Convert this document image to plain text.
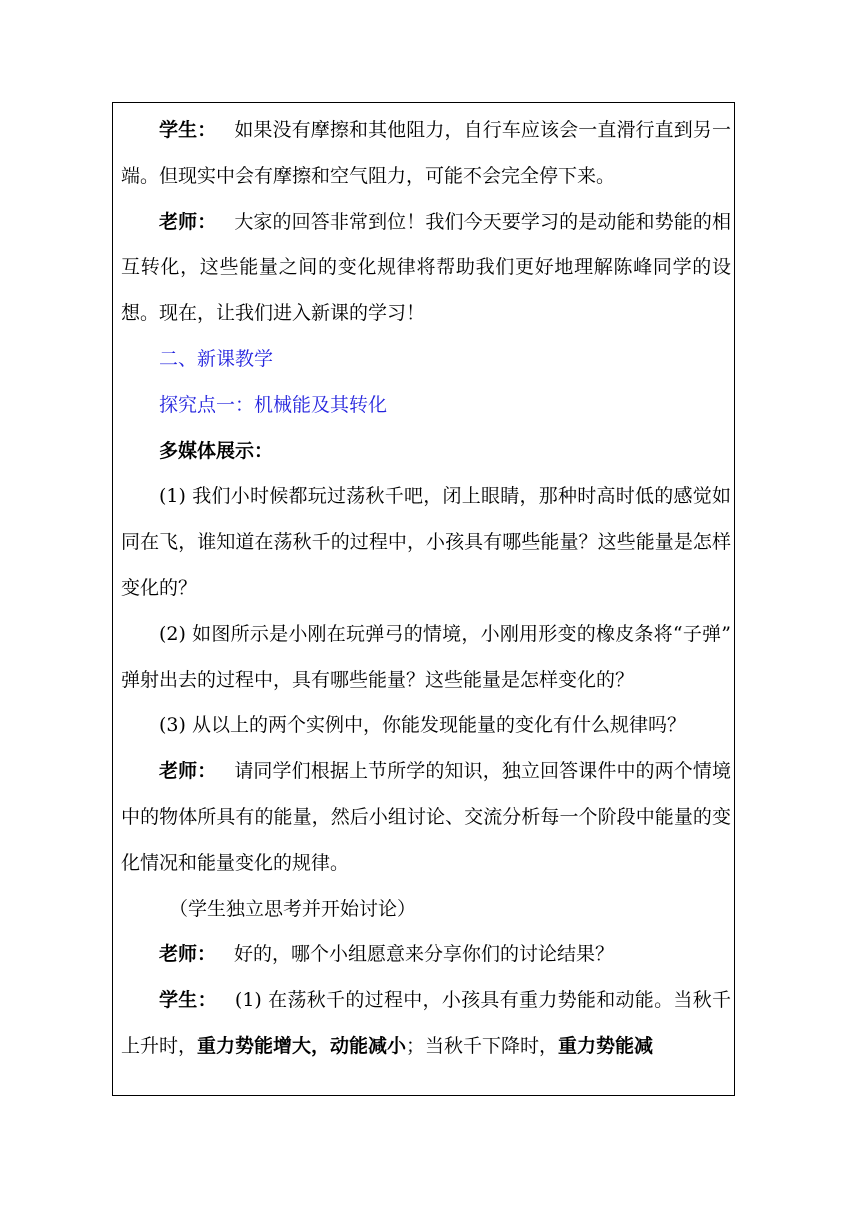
学生： 如果没有摩擦和其他阻力，自行车应该会一直滑行直到另一端。但现实中会有摩擦和空气阻力，可能不会完全停下来。

老师： 大家的回答非常到位！我们今天要学习的是动能和势能的相互转化，这些能量之间的变化规律将帮助我们更好地理解陈峰同学的设想。现在，让我们进入新课的学习！

二、新课教学

探究点一：机械能及其转化

多媒体展示：

(1) 我们小时候都玩过荡秋千吧，闭上眼睛，那种时高时低的感觉如同在飞，谁知道在荡秋千的过程中，小孩具有哪些能量？这些能量是怎样变化的？

(2) 如图所示是小刚在玩弹弓的情境，小刚用形变的橡皮条将“子弹” 弹射出去的过程中，具有哪些能量？这些能量是怎样变化的？

(3) 从以上的两个实例中，你能发现能量的变化有什么规律吗？

老师： 请同学们根据上节所学的知识，独立回答课件中的两个情境中的物体所具有的能量，然后小组讨论、交流分析每一个阶段中能量的变化情况和能量变化的规律。

（学生独立思考并开始讨论）

老师： 好的，哪个小组愿意来分享你们的讨论结果？

学生： (1) 在荡秋千的过程中，小孩具有重力势能和动能。当秋千上升时，重力势能增大，动能减小；当秋千下降时，重力势能减
